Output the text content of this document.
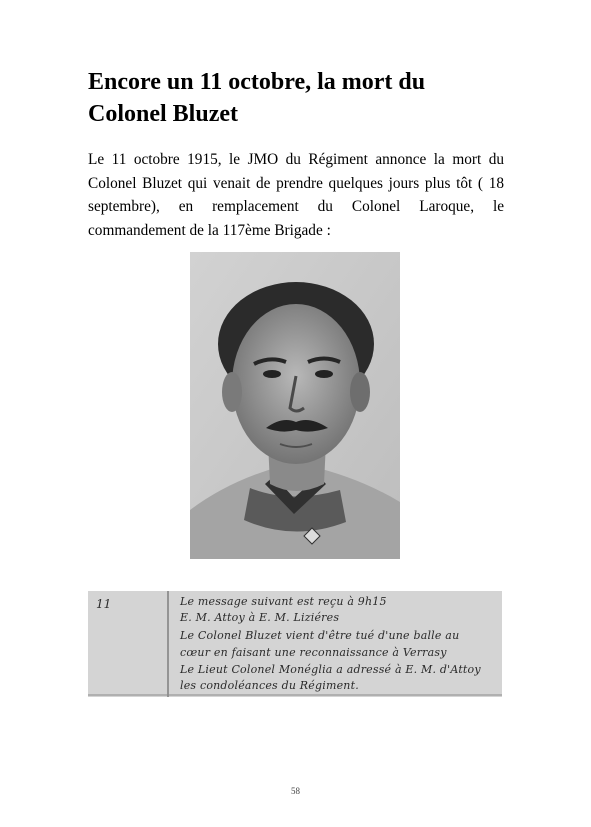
Encore un 11 octobre, la mort du Colonel Bluzet

Le 11 octobre 1915, le JMO du Régiment annonce la mort du Colonel Bluzet qui venait de prendre quelques jours plus tôt ( 18 septembre), en remplacement du Colonel Laroque, le commandement de la 117ème Brigade :

11	Le message suivant est reçu à 9h15
E. M. Attoy à E. M. Liziéres
Le Colonel Bluzet vient d'être tué d'une balle au
cœur en faisant une reconnaissance à Verrasy
Le Lieut Colonel Monéglia a adressé à E. M. d'Attoy
les condoléances du Régiment.
58
